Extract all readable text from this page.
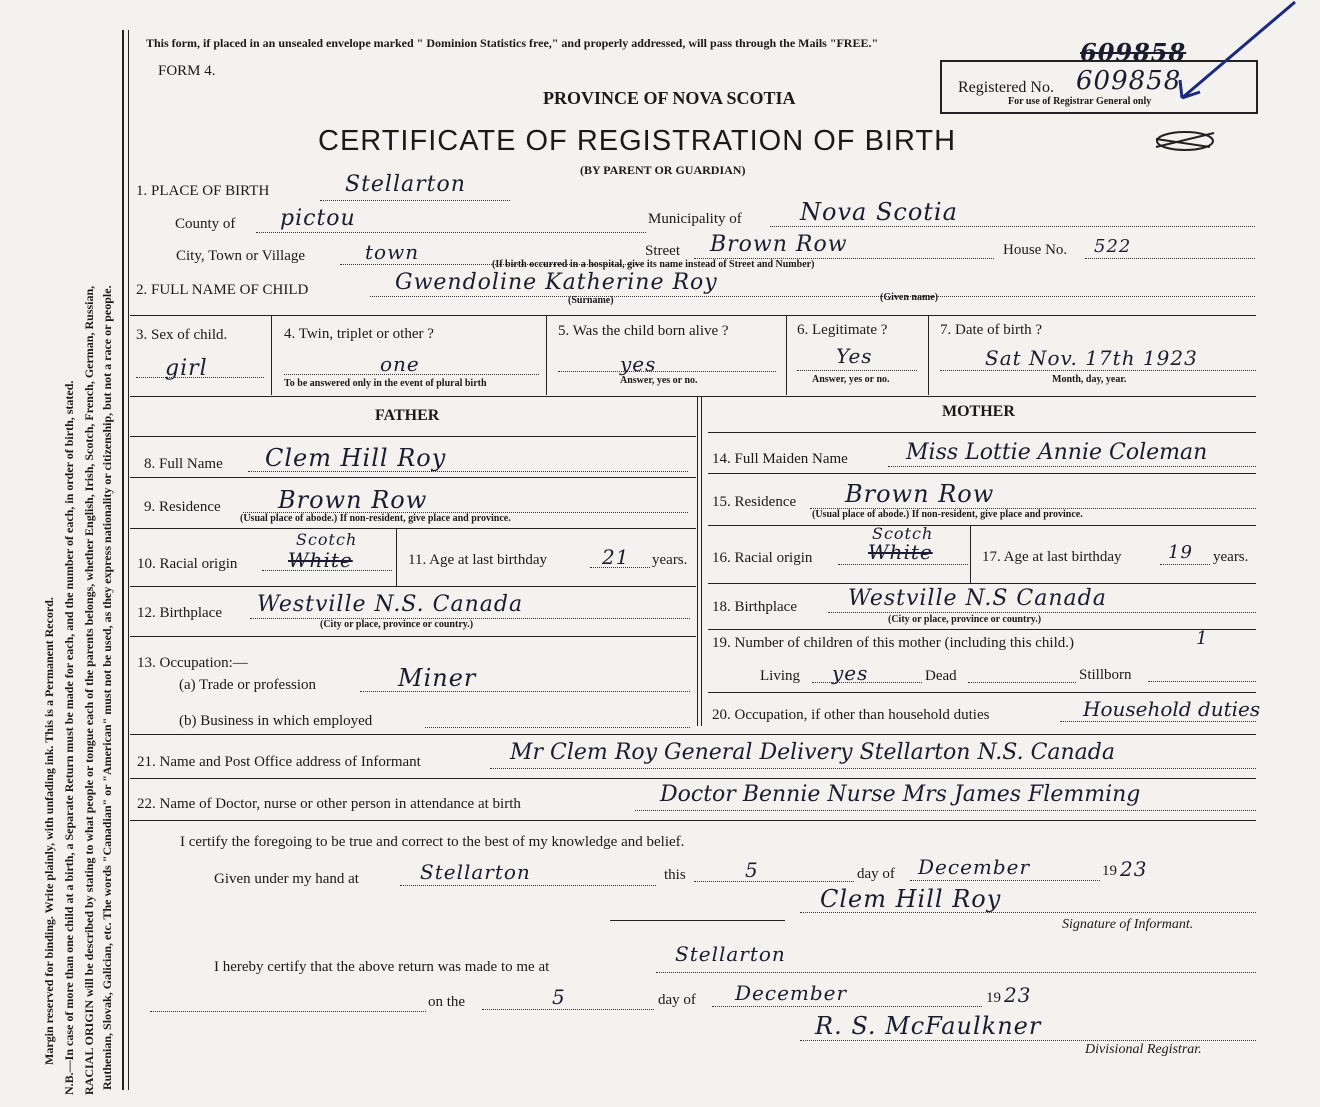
Margin reserved for binding. Write plainly, with unfading ink. This is a Permanent Record. N.B.—In case of more than one child at a birth, a Separate Return must be made for each, and the number of each, in order of birth, stated. RACIAL ORIGIN will be described by stating to what people or tongue each of the parents belongs, whether English, Irish, Scotch, French, German, Russian, Ruthenian, Slovak, Galician, etc. The words "Canadian" or "American" must not be used, as they express nationality or citizenship, but not a race or people.
This form, if placed in an unsealed envelope marked " Dominion Statistics free," and properly addressed, will pass through the Mails "FREE."
FORM 4.
PROVINCE OF NOVA SCOTIA
CERTIFICATE OF REGISTRATION OF BIRTH
(BY PARENT OR GUARDIAN)
609858
Registered No. 609858
For use of Registrar General only
1. PLACE OF BIRTH	Stellarton
County of pictou	Municipality of Nova Scotia
City, Town or Village	town	Street Brown Row	House No. 522
(If birth occurred in a hospital, give its name instead of Street and Number)
2. FULL NAME OF CHILD	Gwendoline Katherine Roy
(Surname)	(Given name)
3. Sex of child.
girl
4. Twin, triplet or other ?
one
To be answered only in the event of plural birth
5. Was the child born alive ?
yes
Answer, yes or no.
6. Legitimate ?
Yes
Answer, yes or no.
7. Date of birth ?
Sat Nov. 17th 1923
Month, day, year.
FATHER	MOTHER
8. Full Name Clem Hill Roy
9. Residence Brown Row
(Usual place of abode.) If non-resident, give place and province.
10. Racial origin
Scotch
White	11. Age at last birthday	21 years.
12. Birthplace Westville N.S. Canada
(City or place, province or country.)
13. Occupation:—
(a) Trade or profession	Miner
(b) Business in which employed
14. Full Maiden Name	Miss Lottie Annie Coleman
15. Residence Brown Row
(Usual place of abode.) If non-resident, give place and province.
16. Racial origin
Scotch
White	17. Age at last birthday	19 years.
18. Birthplace Westville N.S Canada
(City or place, province or country.)
19. Number of children of this mother (including this child.)	1
Living yes	Dead	Stillborn
20. Occupation, if other than household duties	Household duties
21. Name and Post Office address of Informant	Mr Clem Roy General Delivery Stellarton N.S. Canada
22. Name of Doctor, nurse or other person in attendance at birth	Doctor Bennie Nurse Mrs James Flemming
I certify the foregoing to be true and correct to the best of my knowledge and belief.
Given under my hand at	Stellarton	this	5	day of December	19 23
Clem Hill Roy
Signature of Informant.
I hereby certify that the above return was made to me at
Stellarton
on the	5	day of December	19 23
R. S. McFaulkner
Divisional Registrar.
